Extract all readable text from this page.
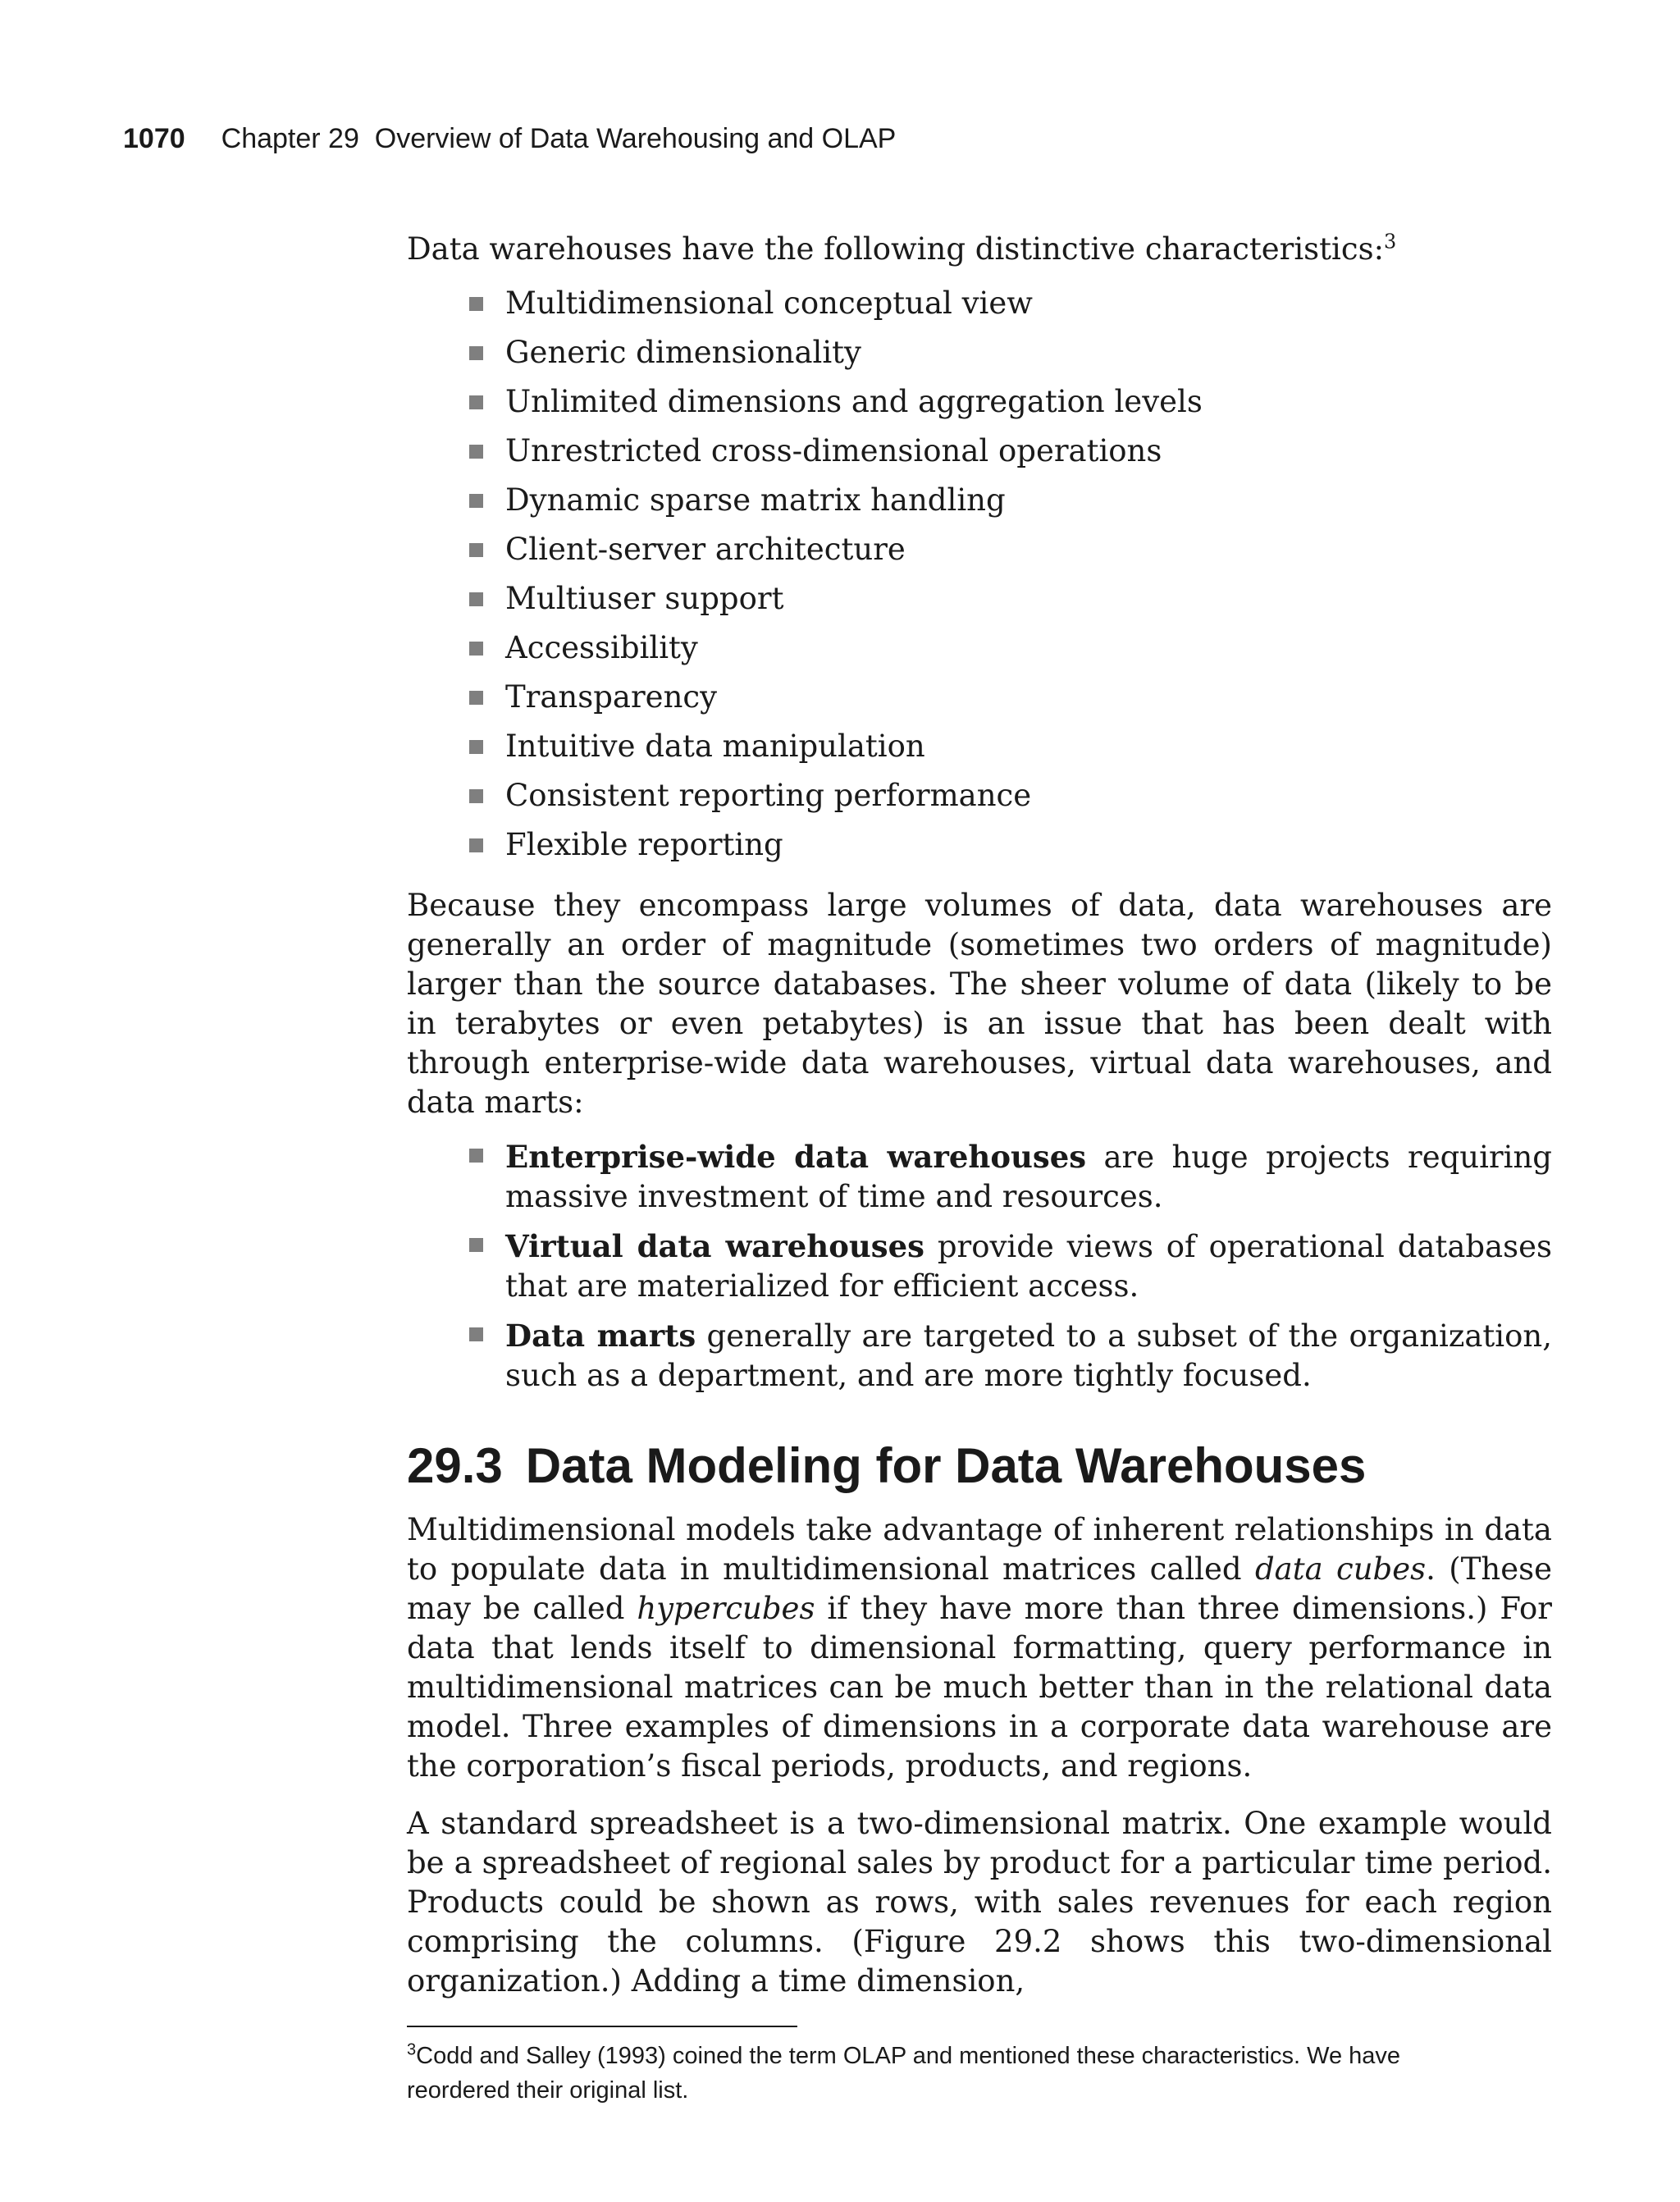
1070 Chapter 29  Overview of Data Warehousing and OLAP

Data warehouses have the following distinctive characteristics:$^3$

Multidimensional conceptual view
Generic dimensionality
Unlimited dimensions and aggregation levels
Unrestricted cross-dimensional operations
Dynamic sparse matrix handling
Client-server architecture
Multiuser support
Accessibility
Transparency
Intuitive data manipulation
Consistent reporting performance
Flexible reporting

Because they encompass large volumes of data, data warehouses are generally an order of magnitude (sometimes two orders of magnitude) larger than the source databases. The sheer volume of data (likely to be in terabytes or even petabytes) is an issue that has been dealt with through enterprise-wide data warehouses, virtual data warehouses, and data marts:

Enterprise-wide data warehouses are huge projects requiring massive investment of time and resources.
Virtual data warehouses provide views of operational databases that are materialized for efficient access.
Data marts generally are targeted to a subset of the organization, such as a department, and are more tightly focused.
29.3 Data Modeling for Data Warehouses

Multidimensional models take advantage of inherent relationships in data to populate data in multidimensional matrices called data cubes. (These may be called hypercubes if they have more than three dimensions.) For data that lends itself to dimensional formatting, query performance in multidimensional matrices can be much better than in the relational data model. Three examples of dimensions in a corporate data warehouse are the corporation’s fiscal periods, products, and regions.

A standard spreadsheet is a two-dimensional matrix. One example would be a spreadsheet of regional sales by product for a particular time period. Products could be shown as rows, with sales revenues for each region comprising the columns. (Figure 29.2 shows this two-dimensional organization.) Adding a time dimension,

$^3$Codd and Salley (1993) coined the term OLAP and mentioned these characteristics. We have reordered their original list.
